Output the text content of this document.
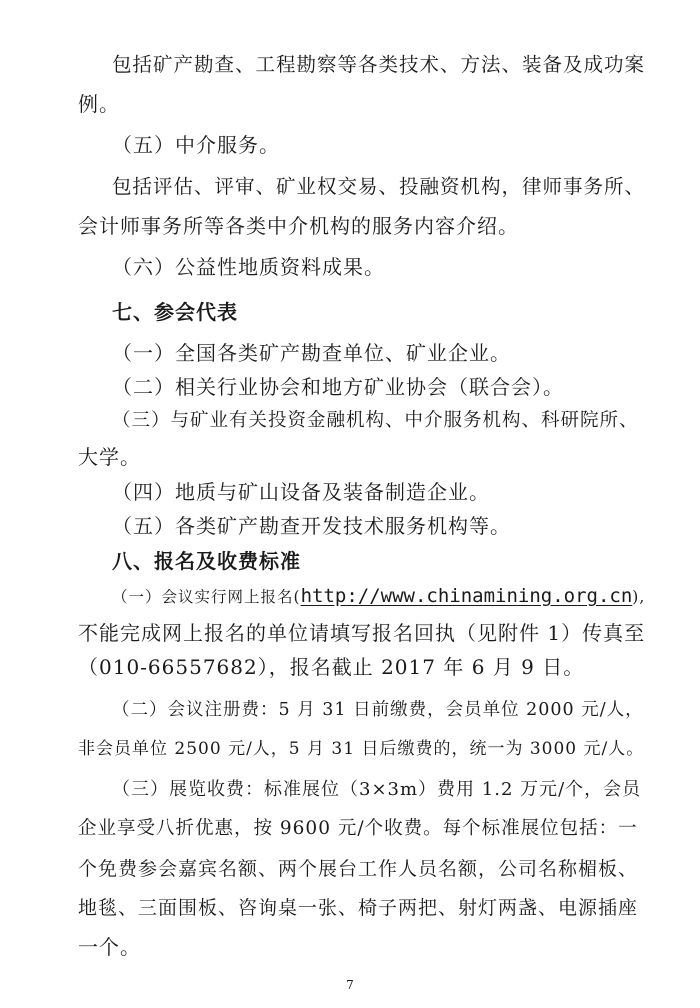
包括矿产勘查、工程勘察等各类技术、方法、装备及成功案
例。
（五）中介服务。
包括评估、评审、矿业权交易、投融资机构，律师事务所、
会计师事务所等各类中介机构的服务内容介绍。
（六）公益性地质资料成果。
七、参会代表
（一）全国各类矿产勘查单位、矿业企业。
（二）相关行业协会和地方矿业协会（联合会）。
（三）与矿业有关投资金融机构、中介服务机构、科研院所、
大学。
（四）地质与矿山设备及装备制造企业。
（五）各类矿产勘查开发技术服务机构等。
八、报名及收费标准
（一）会议实行网上报名(http://www.chinamining.org.cn),
不能完成网上报名的单位请填写报名回执（见附件 1）传真至
（010-66557682），报名截止 2017 年 6 月 9 日。
（二）会议注册费：5 月 31 日前缴费，会员单位 2000 元/人，
非会员单位 2500 元/人，5 月 31 日后缴费的，统一为 3000 元/人。
（三）展览收费：标准展位（3×3m）费用 1.2 万元/个，会员
企业享受八折优惠，按 9600 元/个收费。每个标准展位包括：一
个免费参会嘉宾名额、两个展台工作人员名额，公司名称楣板、
地毯、三面围板、咨询桌一张、椅子两把、射灯两盏、电源插座
一个。
7
